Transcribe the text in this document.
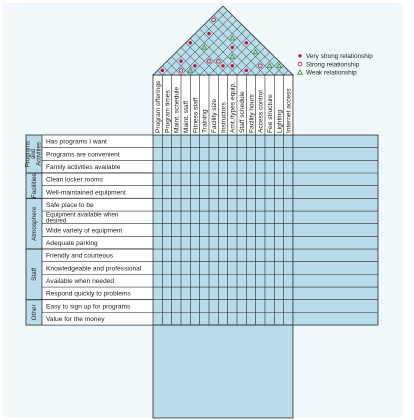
Program offerings Program times Maint. schedule Maint. staff Fitness staff Training Facility size Instructors Amt./types equip. Staff schedule Facility hours Access control Fee structure Lighting Internet access
Has programs I want
Programs are convenient
Family activities available
Programs and Activities
Clean locker rooms
Well-maintained equipment
Facilities
Safe place to be
Equipment available when
desired
Wide variety of equipment
Adequate parking
Atmosphere
Friendly and courteous
Knowledgeable and professional
Available when needed
Respond quickly to problems
Staff
Easy to sign up for programs
Value for the money
Other
Very strong relationship
Strong relationship
Weak relationship
